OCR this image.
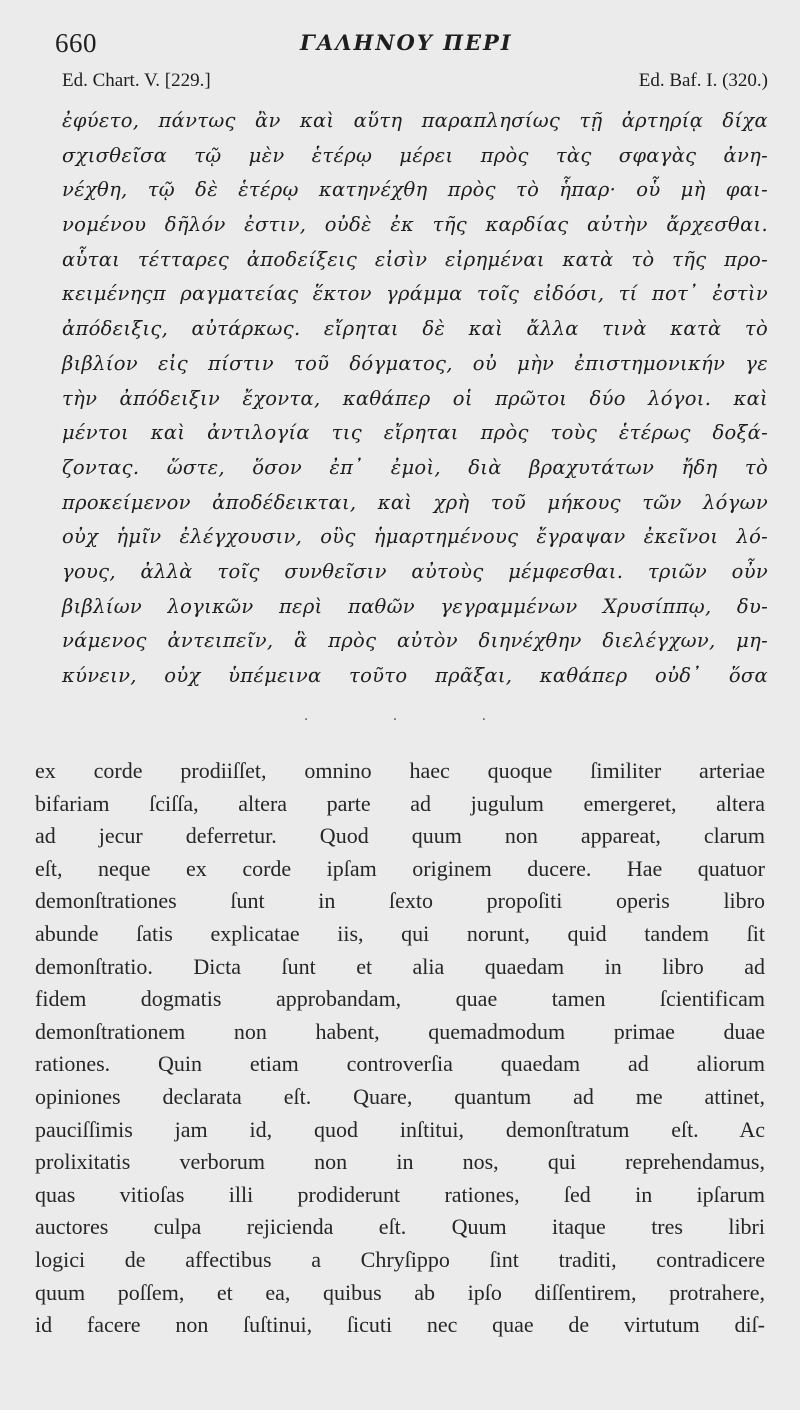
660	ΓΑΛΗΝΟΥ ΠΕΡΙ
Ed. Chart. V. [229.]	Ed. Baf. I. (320.)
ἐφύετο, πάντως ἂν καὶ αὕτη παραπλησίως τῇ ἀρτηρίᾳ δίχα
σχισθεῖσα τῷ μὲν ἑτέρῳ μέρει πρὸς τὰς σφαγὰς ἀνη-
νέχθη, τῷ δὲ ἑτέρῳ κατηνέχθη πρὸς τὸ ἧπαρ· οὗ μὴ φαι-
νομένου δῆλόν ἐστιν, οὐδὲ ἐκ τῆς καρδίας αὐτὴν ἄρχεσθαι.
αὗται τέτταρες ἀποδείξεις εἰσὶν εἰρημέναι κατὰ τὸ τῆς προ-
κειμένηςπ ραγματείας ἕκτον γράμμα τοῖς εἰδόσι, τί ποτ᾽ ἐστὶν
ἀπόδειξις, αὐτάρκως. εἴρηται δὲ καὶ ἄλλα τινὰ κατὰ τὸ
βιβλίον εἰς πίστιν τοῦ δόγματος, οὐ μὴν ἐπιστημονικήν γε
τὴν ἀπόδειξιν ἔχοντα, καθάπερ οἱ πρῶτοι δύο λόγοι. καὶ
μέντοι καὶ ἀντιλογία τις εἴρηται πρὸς τοὺς ἑτέρως δοξά-
ζοντας. ὥστε, ὅσον ἐπ᾽ ἐμοὶ, διὰ βραχυτάτων ἤδη τὸ
προκείμενον ἀποδέδεικται, καὶ χρὴ τοῦ μήκους τῶν λόγων
οὐχ ἡμῖν ἐλέγχουσιν, οὓς ἡμαρτημένους ἔγραψαν ἐκεῖνοι λό-
γους, ἀλλὰ τοῖς συνθεῖσιν αὐτοὺς μέμφεσθαι. τριῶν οὖν
βιβλίων λογικῶν περὶ παθῶν γεγραμμένων Χρυσίππῳ, δυ-
νάμενος ἀντειπεῖν, ἃ πρὸς αὐτὸν διηνέχθην διελέγχων, μη-
κύνειν, οὐχ ὑπέμεινα τοῦτο πρᾶξαι, καθάπερ οὐδ᾽ ὅσα
· · ·
ex corde prodiiſſet, omnino haec quoque ſimiliter arteriae
bifariam ſciſſa, altera parte ad jugulum emergeret, altera
ad jecur deferretur. Quod quum non appareat, clarum
eſt, neque ex corde ipſam originem ducere. Hae quatuor
demonſtrationes ſunt in ſexto propoſiti operis libro
abunde ſatis explicatae iis, qui norunt, quid tandem ſit
demonſtratio. Dicta ſunt et alia quaedam in libro ad
fidem dogmatis approbandam, quae tamen ſcientificam
demonſtrationem non habent, quemadmodum primae duae
rationes. Quin etiam controverſia quaedam ad aliorum
opiniones declarata eſt. Quare, quantum ad me attinet,
pauciſſimis jam id, quod inſtitui, demonſtratum eſt. Ac
prolixitatis verborum non in nos, qui reprehendamus,
quas vitioſas illi prodiderunt rationes, ſed in ipſarum
auctores culpa rejicienda eſt. Quum itaque tres libri
logici de affectibus a Chryſippo ſint traditi, contradicere
quum poſſem, et ea, quibus ab ipſo diſſentirem, protrahere,
id facere non ſuſtinui, ſicuti nec quae de virtutum diſ-
